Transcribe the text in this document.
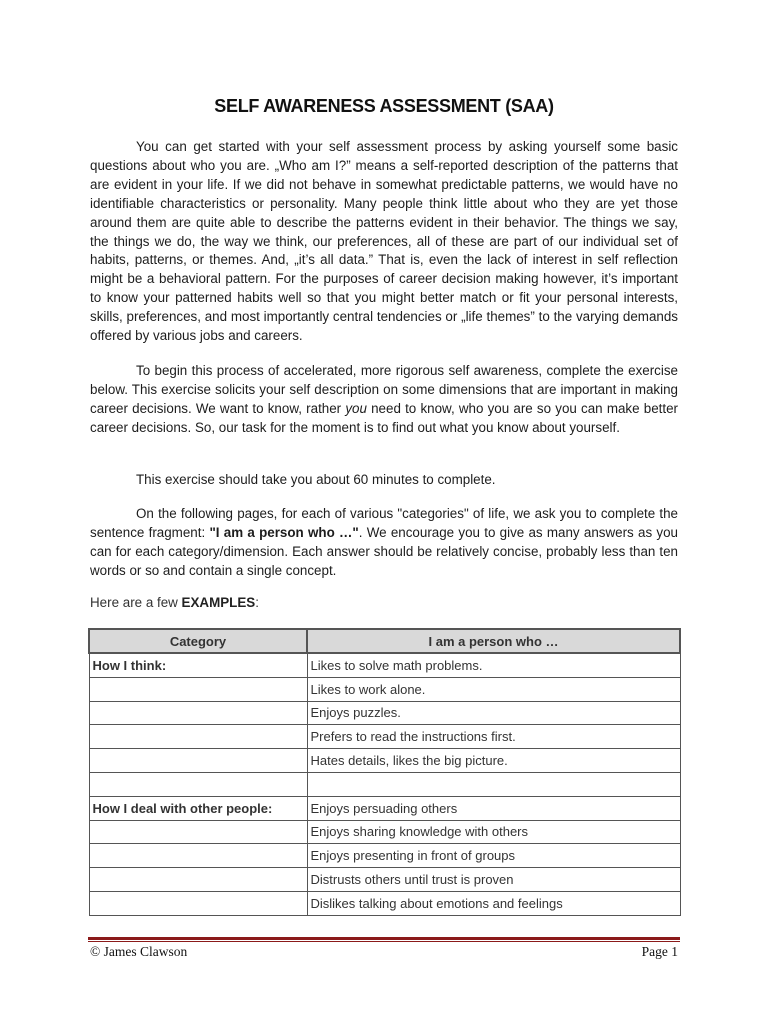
SELF AWARENESS ASSESSMENT (SAA)

You can get started with your self assessment process by asking yourself some basic questions about who you are. „Who am I?” means a self-reported description of the patterns that are evident in your life. If we did not behave in somewhat predictable patterns, we would have no identifiable characteristics or personality. Many people think little about who they are yet those around them are quite able to describe the patterns evident in their behavior. The things we say, the things we do, the way we think, our preferences, all of these are part of our individual set of habits, patterns, or themes. And, „it’s all data.” That is, even the lack of interest in self reflection might be a behavioral pattern. For the purposes of career decision making however, it’s important to know your patterned habits well so that you might better match or fit your personal interests, skills, preferences, and most importantly central tendencies or „life themes” to the varying demands offered by various jobs and careers.

To begin this process of accelerated, more rigorous self awareness, complete the exercise below. This exercise solicits your self description on some dimensions that are important in making career decisions. We want to know, rather you need to know, who you are so you can make better career decisions. So, our task for the moment is to find out what you know about yourself.

This exercise should take you about 60 minutes to complete.

On the following pages, for each of various "categories" of life, we ask you to complete the sentence fragment: "I am a person who …". We encourage you to give as many answers as you can for each category/dimension. Each answer should be relatively concise, probably less than ten words or so and contain a single concept.

Here are a few EXAMPLES:
Category	I am a person who …
How I think:	Likes to solve math problems.
	Likes to work alone.
	Enjoys puzzles.
	Prefers to read the instructions first.
	Hates details, likes the big picture.

How I deal with other people:	Enjoys persuading others
	Enjoys sharing knowledge with others
	Enjoys presenting in front of groups
	Distrusts others until trust is proven
	Dislikes talking about emotions and feelings
© James Clawson	Page 1
